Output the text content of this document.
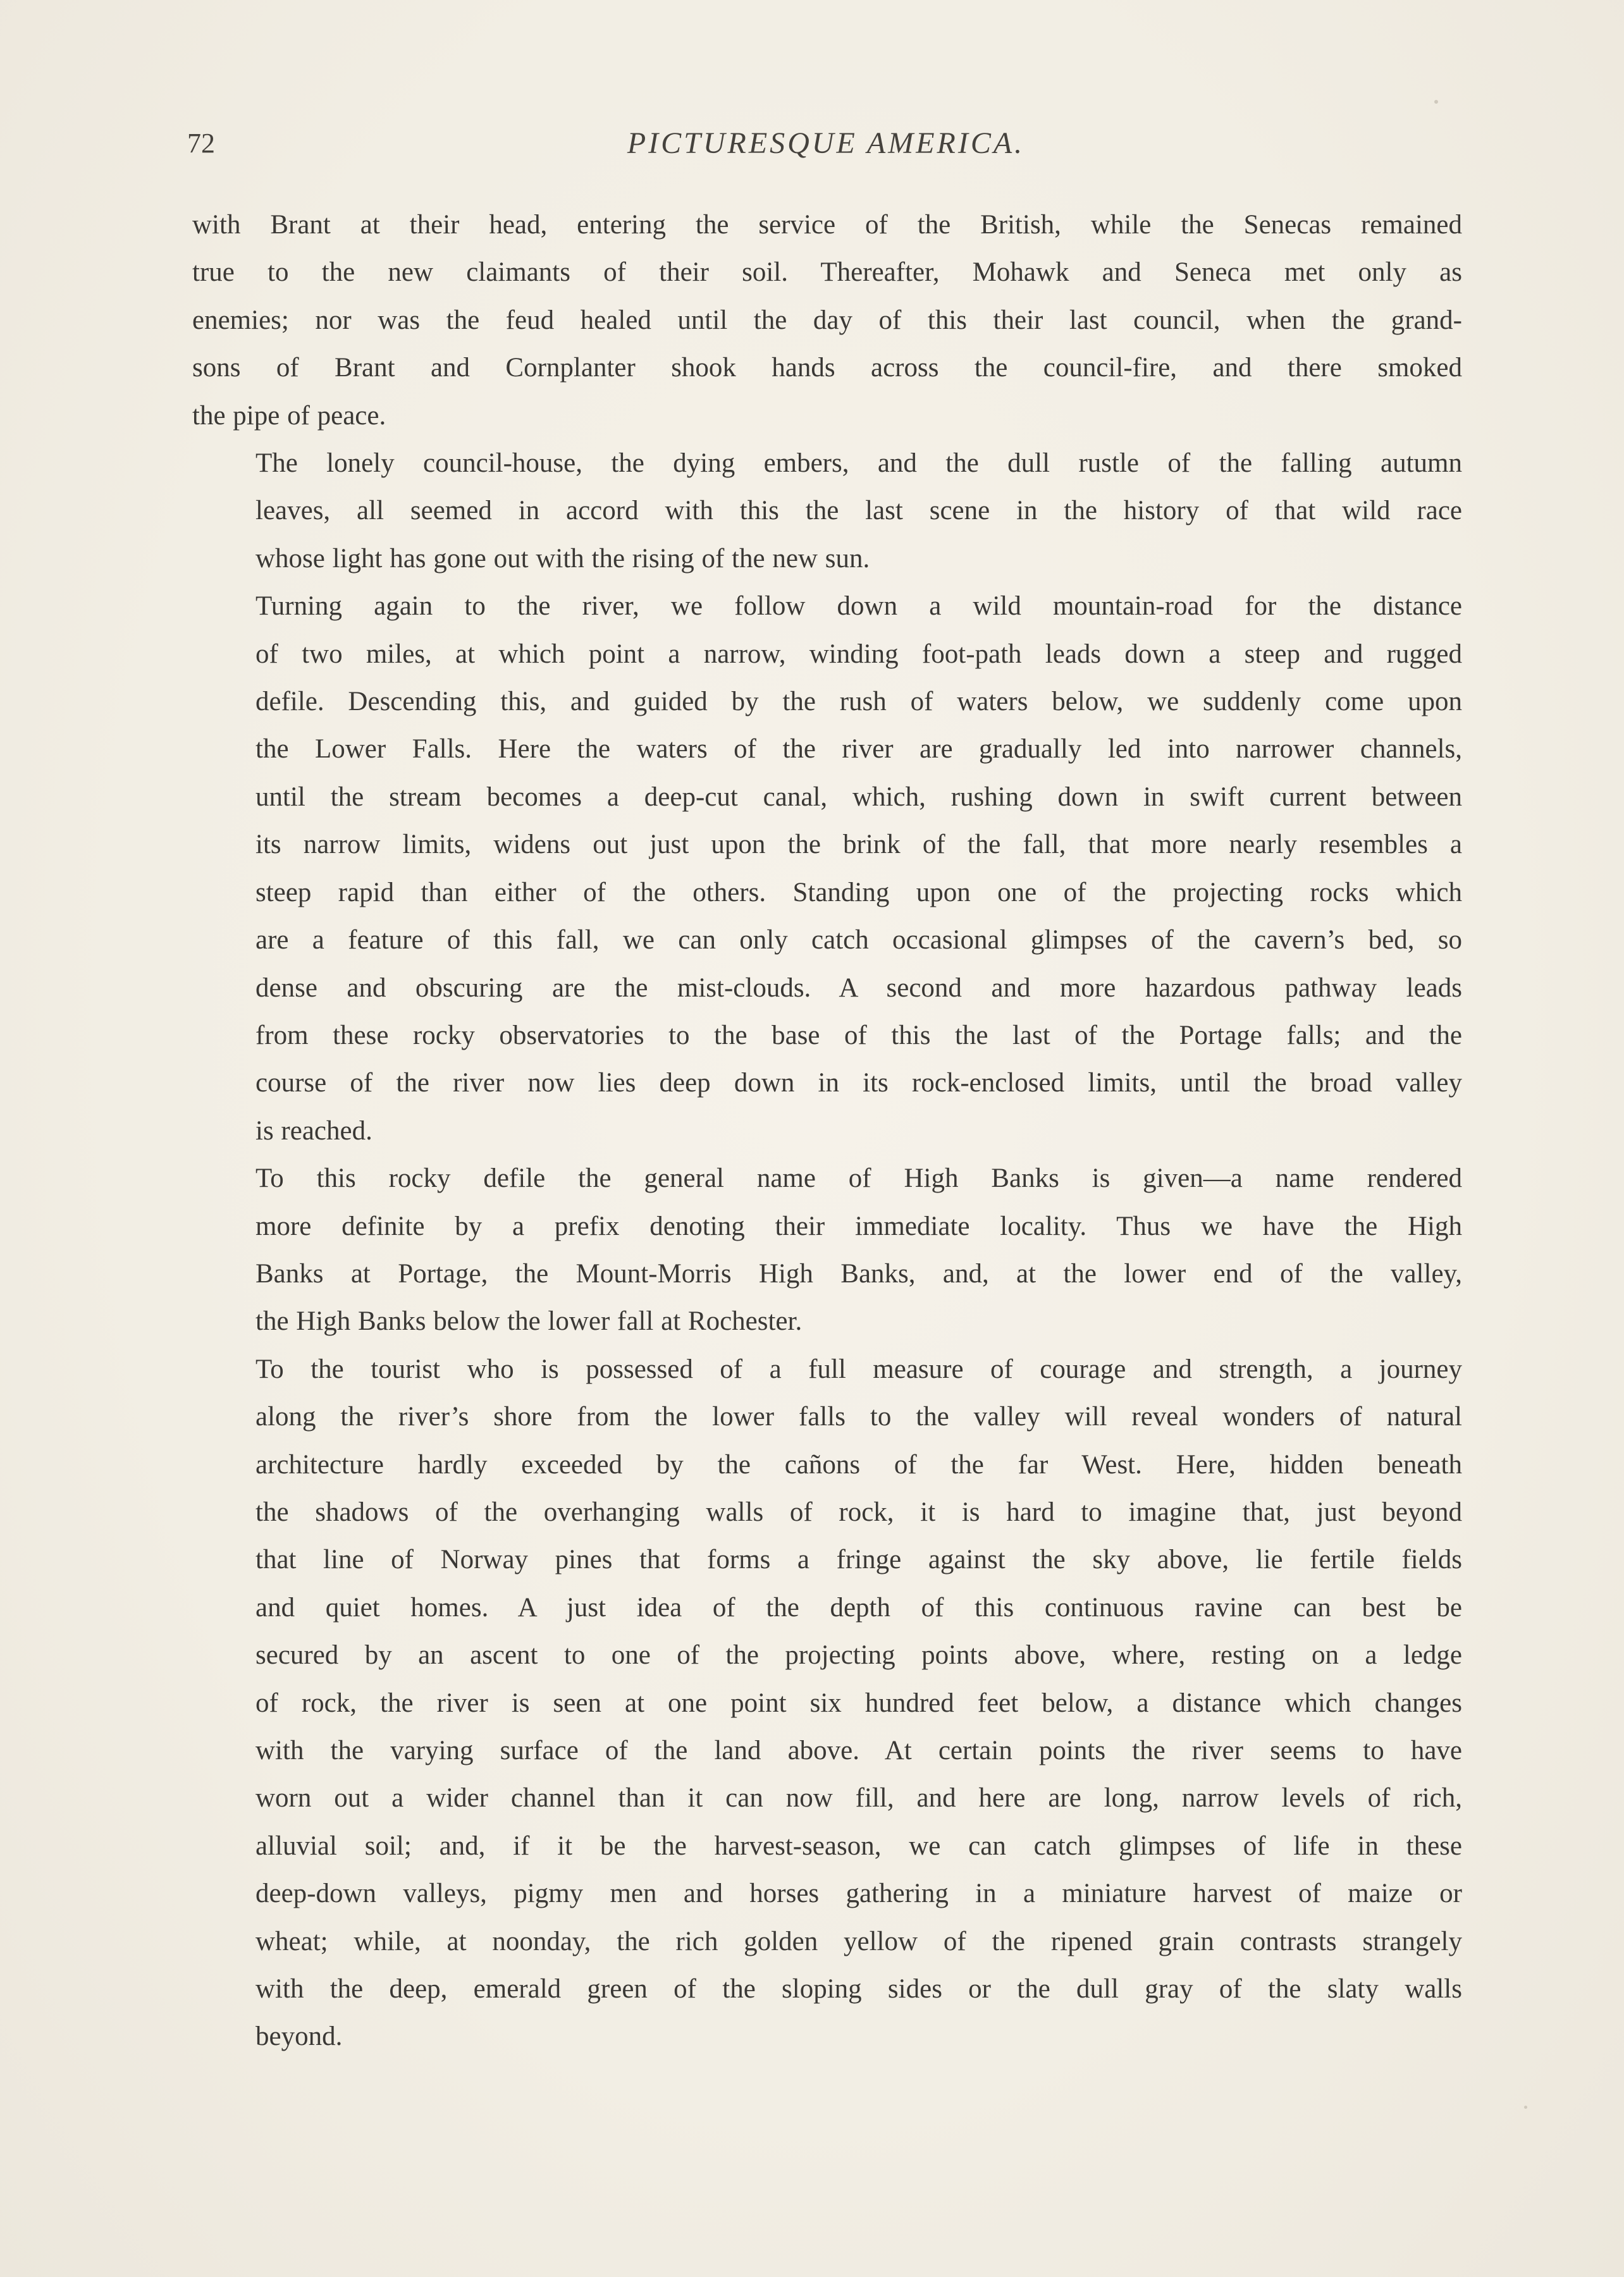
72	PICTURESQUE AMERICA.

with Brant at their head, entering the service of the British, while the Senecas remained
true to the new claimants of their soil. Thereafter, Mohawk and Seneca met only as
enemies; nor was the feud healed until the day of this their last council, when the grand-
sons of Brant and Cornplanter shook hands across the council-fire, and there smoked
the pipe of peace.

The lonely council-house, the dying embers, and the dull rustle of the falling autumn
leaves, all seemed in accord with this the last scene in the history of that wild race
whose light has gone out with the rising of the new sun.

Turning again to the river, we follow down a wild mountain-road for the distance
of two miles, at which point a narrow, winding foot-path leads down a steep and rugged
defile. Descending this, and guided by the rush of waters below, we suddenly come upon
the Lower Falls. Here the waters of the river are gradually led into narrower channels,
until the stream becomes a deep-cut canal, which, rushing down in swift current between
its narrow limits, widens out just upon the brink of the fall, that more nearly resembles a
steep rapid than either of the others. Standing upon one of the projecting rocks which
are a feature of this fall, we can only catch occasional glimpses of the cavern’s bed, so
dense and obscuring are the mist-clouds. A second and more hazardous pathway leads
from these rocky observatories to the base of this the last of the Portage falls; and the
course of the river now lies deep down in its rock-enclosed limits, until the broad valley
is reached.

To this rocky defile the general name of High Banks is given—a name rendered
more definite by a prefix denoting their immediate locality. Thus we have the High
Banks at Portage, the Mount-Morris High Banks, and, at the lower end of the valley,
the High Banks below the lower fall at Rochester.

To the tourist who is possessed of a full measure of courage and strength, a journey
along the river’s shore from the lower falls to the valley will reveal wonders of natural
architecture hardly exceeded by the cañons of the far West. Here, hidden beneath
the shadows of the overhanging walls of rock, it is hard to imagine that, just beyond
that line of Norway pines that forms a fringe against the sky above, lie fertile fields
and quiet homes. A just idea of the depth of this continuous ravine can best be
secured by an ascent to one of the projecting points above, where, resting on a ledge
of rock, the river is seen at one point six hundred feet below, a distance which changes
with the varying surface of the land above. At certain points the river seems to have
worn out a wider channel than it can now fill, and here are long, narrow levels of rich,
alluvial soil; and, if it be the harvest-season, we can catch glimpses of life in these
deep-down valleys, pigmy men and horses gathering in a miniature harvest of maize or
wheat; while, at noonday, the rich golden yellow of the ripened grain contrasts strangely
with the deep, emerald green of the sloping sides or the dull gray of the slaty walls
beyond.
